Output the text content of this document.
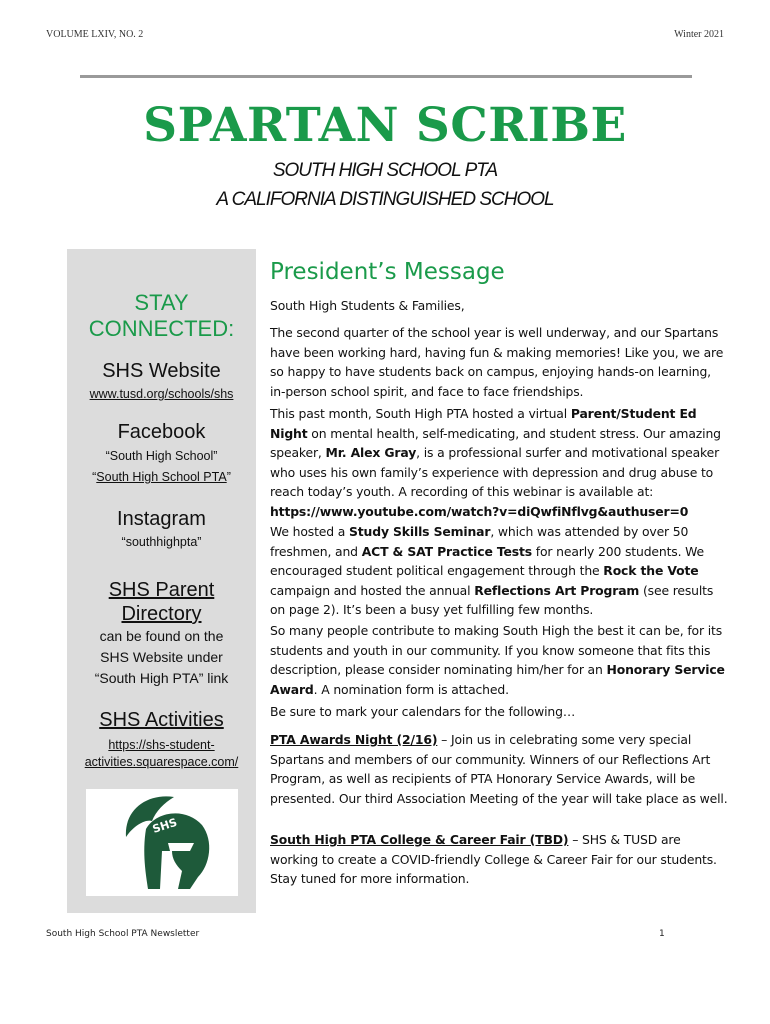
VOLUME LXIV, NO. 2	Winter 2021
SPARTAN SCRIBE
SOUTH HIGH SCHOOL PTA
A CALIFORNIA DISTINGUISHED SCHOOL
STAY
CONNECTED:
SHS Website
www.tusd.org/schools/shs
Facebook
“South High School”
“South High School PTA”
Instagram
“southhighpta”
SHS Parent
Directory
can be found on the
SHS Website under
“South High PTA” link
SHS Activities
https://shs-student-
activities.squarespace.com/
SHS
President’s Message
South High Students & Families,
The second quarter of the school year is well underway, and our Spartans have been working hard, having fun & making memories! Like you, we are so happy to have students back on campus, enjoying hands-on learning, in-person school spirit, and face to face friendships.
This past month, South High PTA hosted a virtual Parent/Student Ed Night on mental health, self-medicating, and student stress. Our amazing speaker, Mr. Alex Gray, is a professional surfer and motivational speaker who uses his own family’s experience with depression and drug abuse to reach today’s youth. A recording of this webinar is available at:
https://www.youtube.com/watch?v=diQwfiNflvg&authuser=0
We hosted a Study Skills Seminar, which was attended by over 50 freshmen, and ACT & SAT Practice Tests for nearly 200 students. We encouraged student political engagement through the Rock the Vote campaign and hosted the annual Reflections Art Program (see results on page 2). It’s been a busy yet fulfilling few months.
So many people contribute to making South High the best it can be, for its students and youth in our community. If you know someone that fits this description, please consider nominating him/her for an Honorary Service Award. A nomination form is attached.
Be sure to mark your calendars for the following…
PTA Awards Night (2/16) – Join us in celebrating some very special Spartans and members of our community. Winners of our Reflections Art Program, as well as recipients of PTA Honorary Service Awards, will be presented. Our third Association Meeting of the year will take place as well.
South High PTA College & Career Fair (TBD) – SHS & TUSD are working to create a COVID-friendly College & Career Fair for our students. Stay tuned for more information.
South High School PTA Newsletter	1
